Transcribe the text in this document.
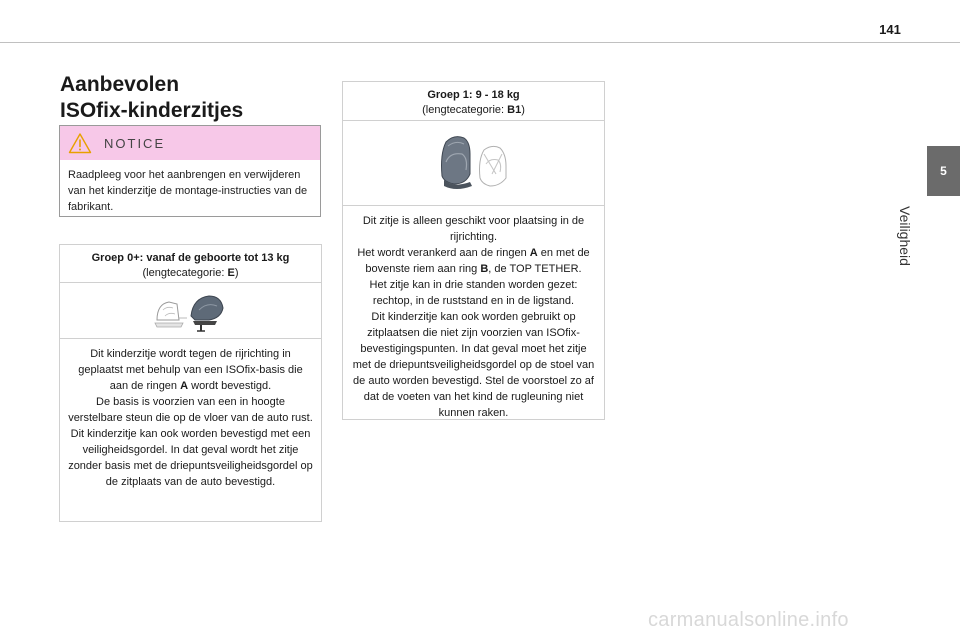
141
5
Veiligheid
Aanbevolen
ISOfix-kinderzitjes
NOTICE
Raadpleeg voor het aanbrengen en verwijderen van het kinderzitje de montage-instructies van de fabrikant.
Groep 0+: vanaf de geboorte tot 13 kg
(lengtecategorie: E)

Dit kinderzitje wordt tegen de rijrichting in geplaatst met behulp van een ISOfix-basis die aan de ringen A wordt bevestigd.

De basis is voorzien van een in hoogte verstelbare steun die op de vloer van de auto rust.

Dit kinderzitje kan ook worden bevestigd met een veiligheidsgordel. In dat geval wordt het zitje zonder basis met de driepuntsveiligheidsgordel op de zitplaats van de auto bevestigd.

Groep 1: 9 - 18 kg
(lengtecategorie: B1)

Dit zitje is alleen geschikt voor plaatsing in de rijrichting.

Het wordt verankerd aan de ringen A en met de bovenste riem aan ring B, de TOP TETHER.

Het zitje kan in drie standen worden gezet: rechtop, in de ruststand en in de ligstand.

Dit kinderzitje kan ook worden gebruikt op zitplaatsen die niet zijn voorzien van ISOfix-bevestigingspunten. In dat geval moet het zitje met de driepuntsveiligheidsgordel op de stoel van de auto worden bevestigd. Stel de voorstoel zo af dat de voeten van het kind de rugleuning niet kunnen raken.

carmanualsonline.info
